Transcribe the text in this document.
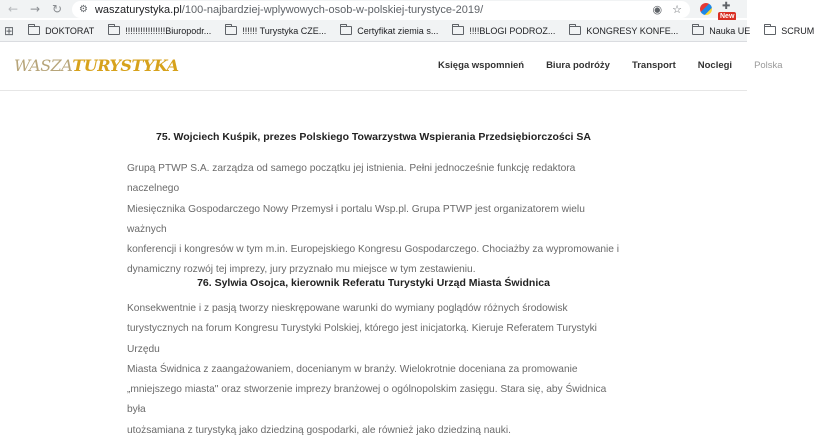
← → ↻	⚙ waszaturystyka.pl/100-najbardziej-wplywowych-osob-w-polskiej-turystyce-2019/	◉ ☆	✚
New
⊞	DOKTORAT	!!!!!!!!!!!!!!!!Biuropodr...	!!!!!! Turystyka CZE...	Certyfikat ziemia s...	!!!!BLOGI PODROZ...	KONGRESY KONFE...	Nauka UE	SCRUM
WASZATURYSTYKA	Księga wspomnień Biura podróży Transport Noclegi Polska
75. Wojciech Kuśpik, prezes Polskiego Towarzystwa Wspierania Przedsiębiorczości SA
Grupą PTWP S.A. zarządza od samego początku jej istnienia. Pełni jednocześnie funkcję redaktora naczelnego
Miesięcznika Gospodarczego Nowy Przemysł i portalu Wsp.pl. Grupa PTWP jest organizatorem wielu ważnych
konferencji i kongresów w tym m.in. Europejskiego Kongresu Gospodarczego. Chociażby za wypromowanie i
dynamiczny rozwój tej imprezy, jury przyznało mu miejsce w tym zestawieniu.
76. Sylwia Osojca, kierownik Referatu Turystyki Urząd Miasta Świdnica
Konsekwentnie i z pasją tworzy nieskrępowane warunki do wymiany poglądów różnych środowisk
turystycznych na forum Kongresu Turystyki Polskiej, którego jest inicjatorką. Kieruje Referatem Turystyki Urzędu
Miasta Świdnica z zaangażowaniem, docenianym w branży. Wielokrotnie doceniana za promowanie
„mniejszego miasta" oraz stworzenie imprezy branżowej o ogólnopolskim zasięgu. Stara się, aby Świdnica była
utożsamiana z turystyką jako dziedziną gospodarki, ale również jako dziedziną nauki.
